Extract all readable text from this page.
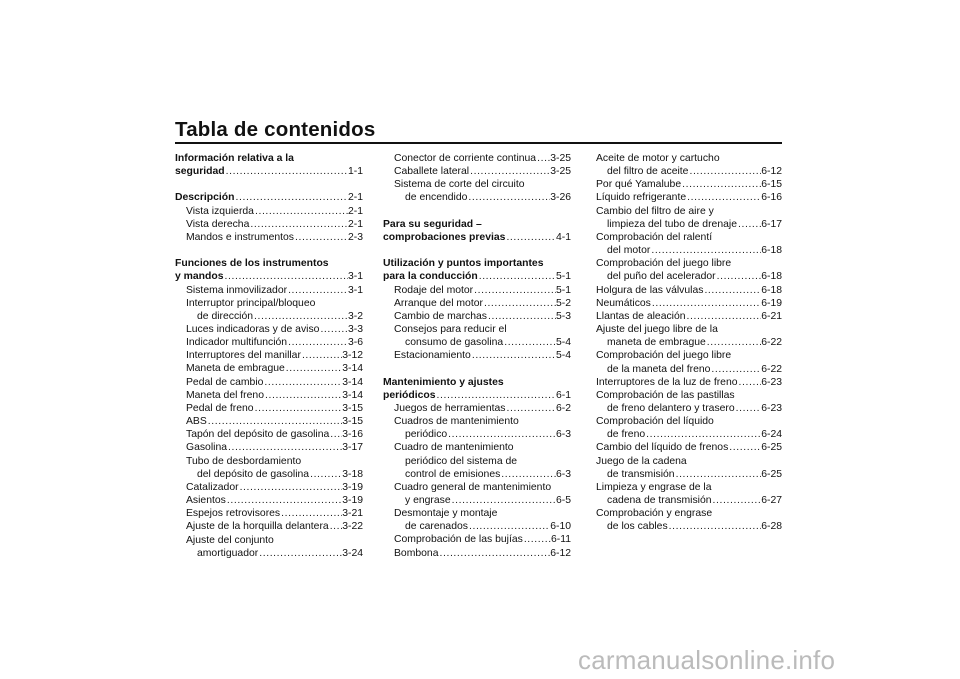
Tabla de contenidos
Información relativa a la
seguridad .....	1-1
Descripción .....	2-1
Vista izquierda .....	2-1
Vista derecha .....	2-1
Mandos e instrumentos .....	2-3
Funciones de los instrumentos
y mandos .....	3-1
Sistema inmovilizador .....	3-1
Interruptor principal/bloqueo
de dirección .....	3-2
Luces indicadoras y de aviso .....	3-3
Indicador multifunción .....	3-6
Interruptores del manillar .....	3-12
Maneta de embrague .....	3-14
Pedal de cambio .....	3-14
Maneta del freno .....	3-14
Pedal de freno .....	3-15
ABS .....	3-15
Tapón del depósito de gasolina ..... 3-16
Gasolina .....	3-17
Tubo de desbordamiento
del depósito de gasolina .....	3-18
Catalizador .....	3-19
Asientos .....	3-19
Espejos retrovisores .....	3-21
Ajuste de la horquilla delantera ..... 3-22
Ajuste del conjunto
amortiguador .....	3-24
Conector de corriente continua ..... 3-25
Caballete lateral .....	3-25
Sistema de corte del circuito
de encendido .....	3-26
Para su seguridad –
comprobaciones previas .....	4-1
Utilización y puntos importantes
para la conducción .....	5-1
Rodaje del motor .....	5-1
Arranque del motor .....	5-2
Cambio de marchas .....	5-3
Consejos para reducir el
consumo de gasolina .....	5-4
Estacionamiento .....	5-4
Mantenimiento y ajustes
periódicos .....	6-1
Juegos de herramientas .....	6-2
Cuadros de mantenimiento
periódico .....	6-3
Cuadro de mantenimiento
periódico del sistema de
control de emisiones .....	6-3
Cuadro general de mantenimiento
y engrase .....	6-5
Desmontaje y montaje
de carenados .....	6-10
Comprobación de las bujías .....	6-11
Bombona .....	6-12
Aceite de motor y cartucho
del filtro de aceite .....	6-12
Por qué Yamalube .....	6-15
Líquido refrigerante .....	6-16
Cambio del filtro de aire y
limpieza del tubo de drenaje ..... 6-17
Comprobación del ralentí
del motor .....	6-18
Comprobación del juego libre
del puño del acelerador .....	6-18
Holgura de las válvulas .....	6-18
Neumáticos .....	6-19
Llantas de aleación .....	6-21
Ajuste del juego libre de la
maneta de embrague .....	6-22
Comprobación del juego libre
de la maneta del freno .....	6-22
Interruptores de la luz de freno ..... 6-23
Comprobación de las pastillas
de freno delantero y trasero .....	6-23
Comprobación del líquido
de freno .....	6-24
Cambio del líquido de frenos .....	6-25
Juego de la cadena
de transmisión .....	6-25
Limpieza y engrase de la
cadena de transmisión .....	6-27
Comprobación y engrase
de los cables .....	6-28
carmanualsonline.info
